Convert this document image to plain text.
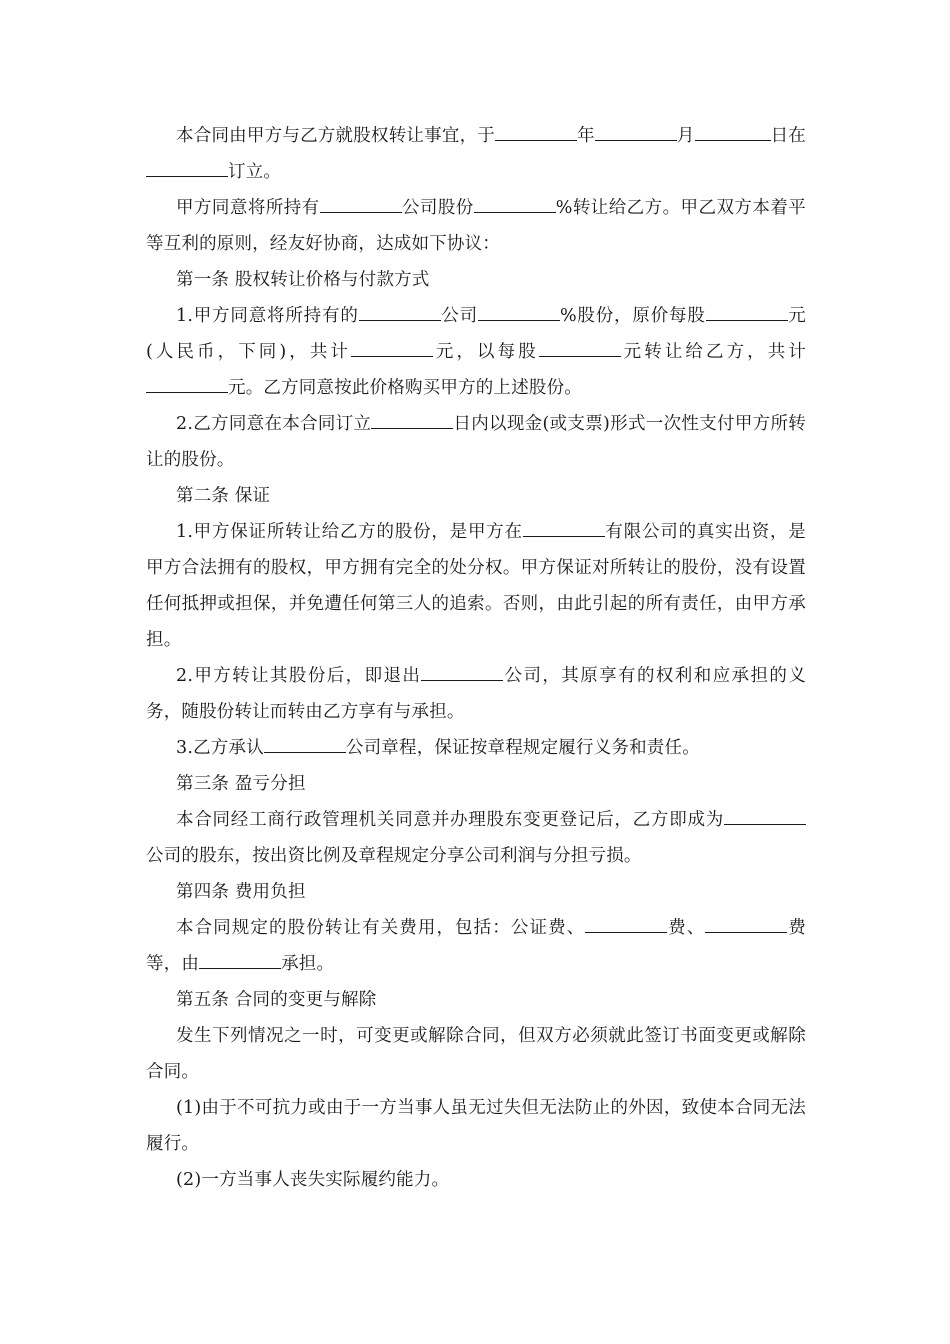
本合同由甲方与乙方就股权转让事宜，于	年	月	日在订立。

甲方同意将所持有	公司股份	%转让给乙方。甲乙双方本着平等互利的原则，经友好协商，达成如下协议：

第一条 股权转让价格与付款方式

1.甲方同意将所持有的	公司	%股份，原价每股	元(人民币，下同)，共计	元，以每股	元转让给乙方，共计元。乙方同意按此价格购买甲方的上述股份。

2.乙方同意在本合同订立	日内以现金(或支票)形式一次性支付甲方所转让的股份。

第二条 保证

1.甲方保证所转让给乙方的股份，是甲方在	有限公司的真实出资，是甲方合法拥有的股权，甲方拥有完全的处分权。甲方保证对所转让的股份，没有设置任何抵押或担保，并免遭任何第三人的追索。否则，由此引起的所有责任，由甲方承担。

2.甲方转让其股份后，即退出	公司，其原享有的权利和应承担的义务，随股份转让而转由乙方享有与承担。

3.乙方承认	公司章程，保证按章程规定履行义务和责任。

第三条 盈亏分担

本合同经工商行政管理机关同意并办理股东变更登记后，乙方即成为公司的股东，按出资比例及章程规定分享公司利润与分担亏损。

第四条 费用负担

本合同规定的股份转让有关费用，包括：公证费、	费、	费等，由	承担。

第五条 合同的变更与解除

发生下列情况之一时，可变更或解除合同，但双方必须就此签订书面变更或解除合同。

(1)由于不可抗力或由于一方当事人虽无过失但无法防止的外因，致使本合同无法履行。

(2)一方当事人丧失实际履约能力。
